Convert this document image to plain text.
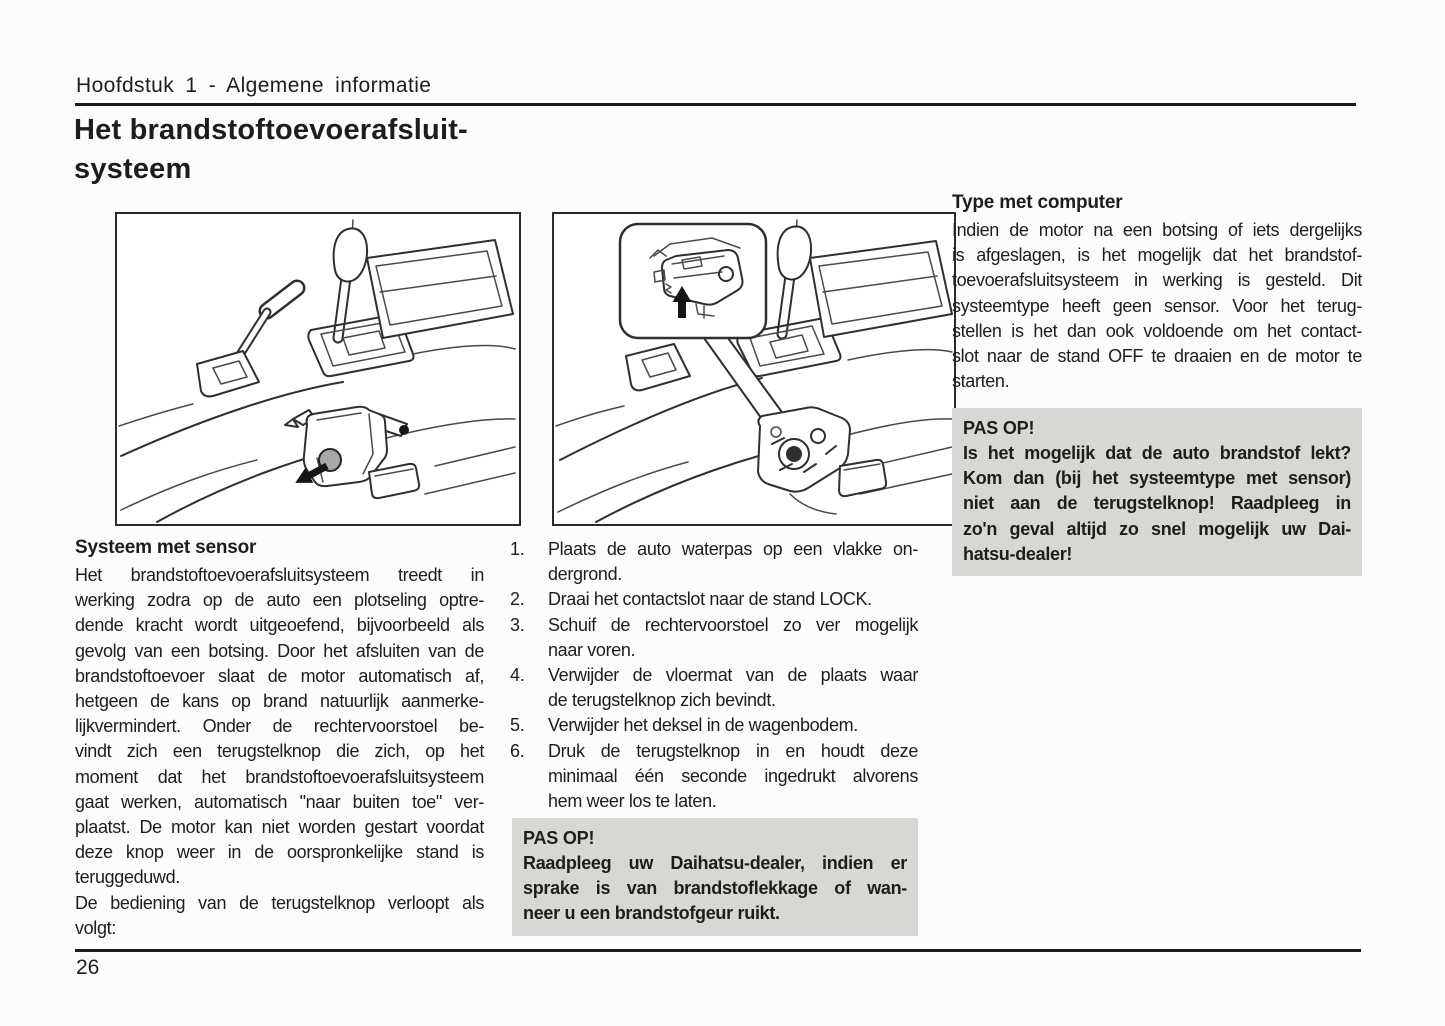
Hoofdstuk 1 - Algemene informatie
Het brandstoftoevoerafsluit-
systeem
Systeem met sensor
Het brandstoftoevoerafsluitsysteem treedt in
werking zodra op de auto een plotseling optre-
dende kracht wordt uitgeoefend, bijvoorbeeld als
gevolg van een botsing. Door het afsluiten van de
brandstoftoevoer slaat de motor automatisch af,
hetgeen de kans op brand natuurlijk aanmerke-
lijkvermindert. Onder de rechtervoorstoel be-
vindt zich een terugstelknop die zich, op het
moment dat het brandstoftoevoerafsluitsysteem
gaat werken, automatisch "naar buiten toe" ver-
plaatst. De motor kan niet worden gestart voordat
deze knop weer in de oorspronkelijke stand is
teruggeduwd.
De bediening van de terugstelknop verloopt als
volgt:
1.	Plaats de auto waterpas op een vlakke on-
dergrond.
2.	Draai het contactslot naar de stand LOCK.
3.	Schuif de rechtervoorstoel zo ver mogelijk
naar voren.
4.	Verwijder de vloermat van de plaats waar
de terugstelknop zich bevindt.
5.	Verwijder het deksel in de wagenbodem.
6.	Druk de terugstelknop in en houdt deze
minimaal één seconde ingedrukt alvorens
hem weer los te laten.
PAS OP!
Raadpleeg uw Daihatsu-dealer, indien er
sprake is van brandstoflekkage of wan-
neer u een brandstofgeur ruikt.
Type met computer
Indien de motor na een botsing of iets dergelijks
is afgeslagen, is het mogelijk dat het brandstof-
toevoerafsluitsysteem in werking is gesteld. Dit
systeemtype heeft geen sensor. Voor het terug-
stellen is het dan ook voldoende om het contact-
slot naar de stand OFF te draaien en de motor te
starten.
PAS OP!
Is het mogelijk dat de auto brandstof lekt?
Kom dan (bij het systeemtype met sensor)
niet aan de terugstelknop! Raadpleeg in
zo'n geval altijd zo snel mogelijk uw Dai-
hatsu-dealer!
26
